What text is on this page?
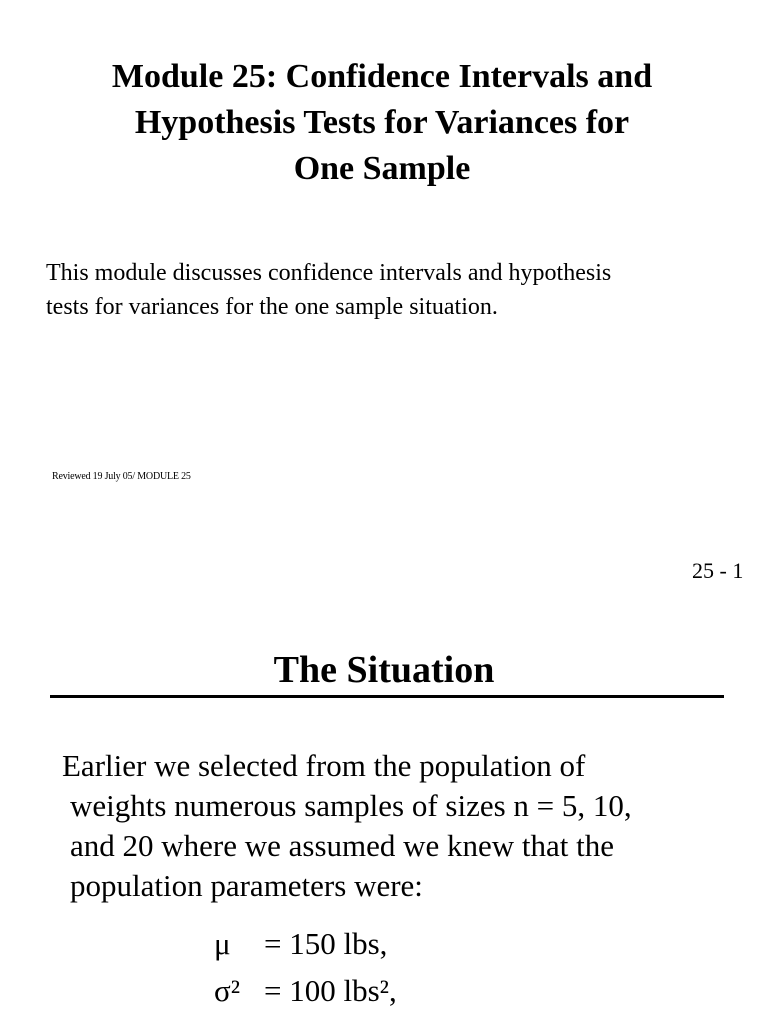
Module 25: Confidence Intervals and
Hypothesis Tests for Variances for
One Sample

This module discusses confidence intervals and hypothesis
tests for variances for the one sample situation.

Reviewed 19 July 05/ MODULE 25
25 - 1
The Situation

Earlier we selected from the population of
weights numerous samples of sizes n = 5, 10,
and 20 where we assumed we knew that the
population parameters were:

μ = 150 lbs,
σ² = 100 lbs²,
